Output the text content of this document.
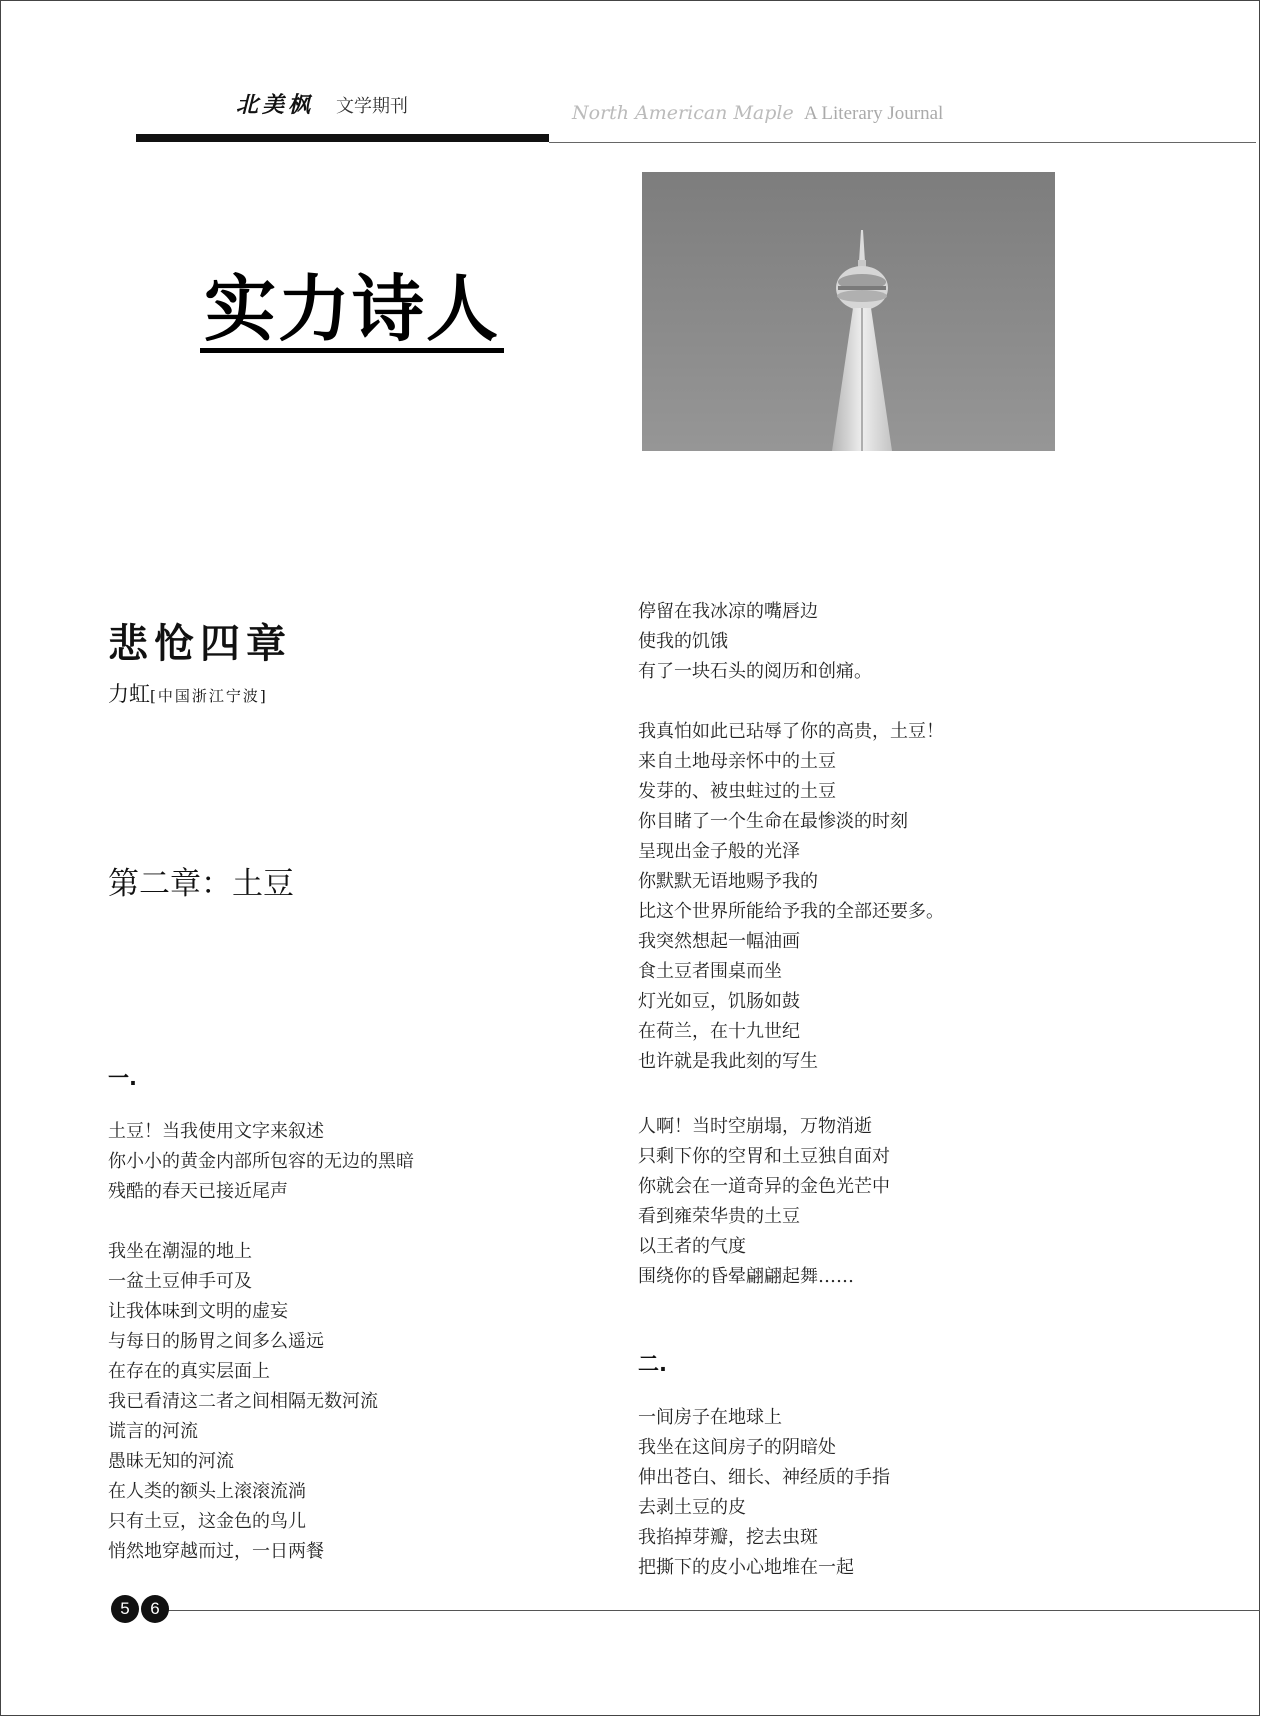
北美枫 文学期刊	North American Maple A Literary Journal
实力诗人
悲怆四章
力虹[中国浙江宁波]
第二章：土豆
一.
土豆！当我使用文字来叙述
你小小的黄金内部所包容的无边的黑暗
残酷的春天已接近尾声
我坐在潮湿的地上
一盆土豆伸手可及
让我体味到文明的虚妄
与每日的肠胃之间多么遥远
在存在的真实层面上
我已看清这二者之间相隔无数河流
谎言的河流
愚昧无知的河流
在人类的额头上滚滚流淌
只有土豆，这金色的鸟儿
悄然地穿越而过，一日两餐
停留在我冰凉的嘴唇边
使我的饥饿
有了一块石头的阅历和创痛。
我真怕如此已玷辱了你的高贵，土豆！
来自土地母亲怀中的土豆
发芽的、被虫蛀过的土豆
你目睹了一个生命在最惨淡的时刻
呈现出金子般的光泽
你默默无语地赐予我的
比这个世界所能给予我的全部还要多。
我突然想起一幅油画
食土豆者围桌而坐
灯光如豆，饥肠如鼓
在荷兰，在十九世纪
也许就是我此刻的写生
人啊！当时空崩塌，万物消逝
只剩下你的空胃和土豆独自面对
你就会在一道奇异的金色光芒中
看到雍荣华贵的土豆
以王者的气度
围绕你的昏晕翩翩起舞……
二.
一间房子在地球上
我坐在这间房子的阴暗处
伸出苍白、细长、神经质的手指
去剥土豆的皮
我掐掉芽瓣，挖去虫斑
把撕下的皮小心地堆在一起
5	6
